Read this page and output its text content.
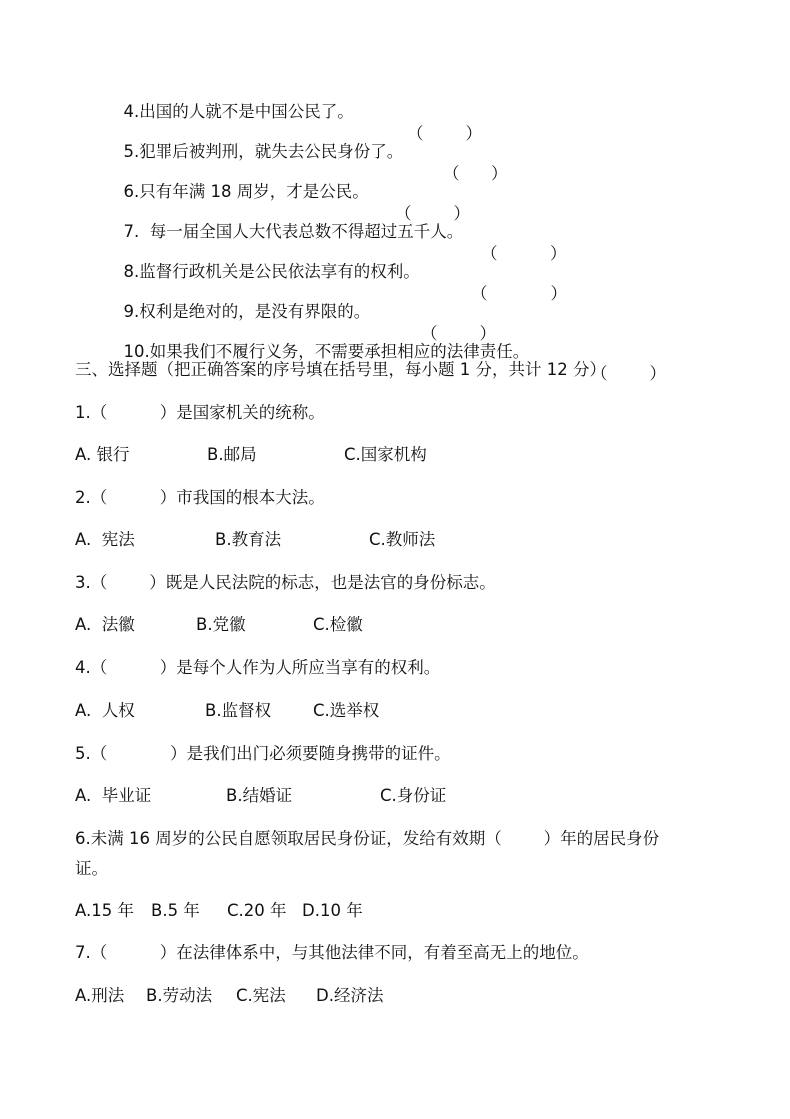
4.出国的人就不是中国公民了。

（        ）

5.犯罪后被判刑，就失去公民身份了。

（      ）

6.只有年满 18 周岁，才是公民。

（        ）

7.  每一届全国人大代表总数不得超过五千人。

（          ）

8.监督行政机关是公民依法享有的权利。

（            ）

9.权利是绝对的，是没有界限的。

（        ）

10.如果我们不履行义务，不需要承担相应的法律责任。

（        ）

三、选择题（把正确答案的序号填在括号里，每小题 1 分，共计 12 分）
1.（          ）是国家机关的统称。
A. 银行	B.邮局	C.国家机构
2.（          ）市我国的根本大法。
A.  宪法	B.教育法	C.教师法
3.（        ）既是人民法院的标志，也是法官的身份标志。
A.  法徽	B.党徽	C.检徽
4.（          ）是每个人作为人所应当享有的权利。
A.  人权	B.监督权	C.选举权
5.（            ）是我们出门必须要随身携带的证件。
A.  毕业证	B.结婚证	C.身份证
6.未满 16 周岁的公民自愿领取居民身份证，发给有效期（        ）年的居民身份
证。
A.15 年 B.5 年 C.20 年 D.10 年
7.（          ）在法律体系中，与其他法律不同，有着至高无上的地位。
A.刑法 B.劳动法 C.宪法 D.经济法
